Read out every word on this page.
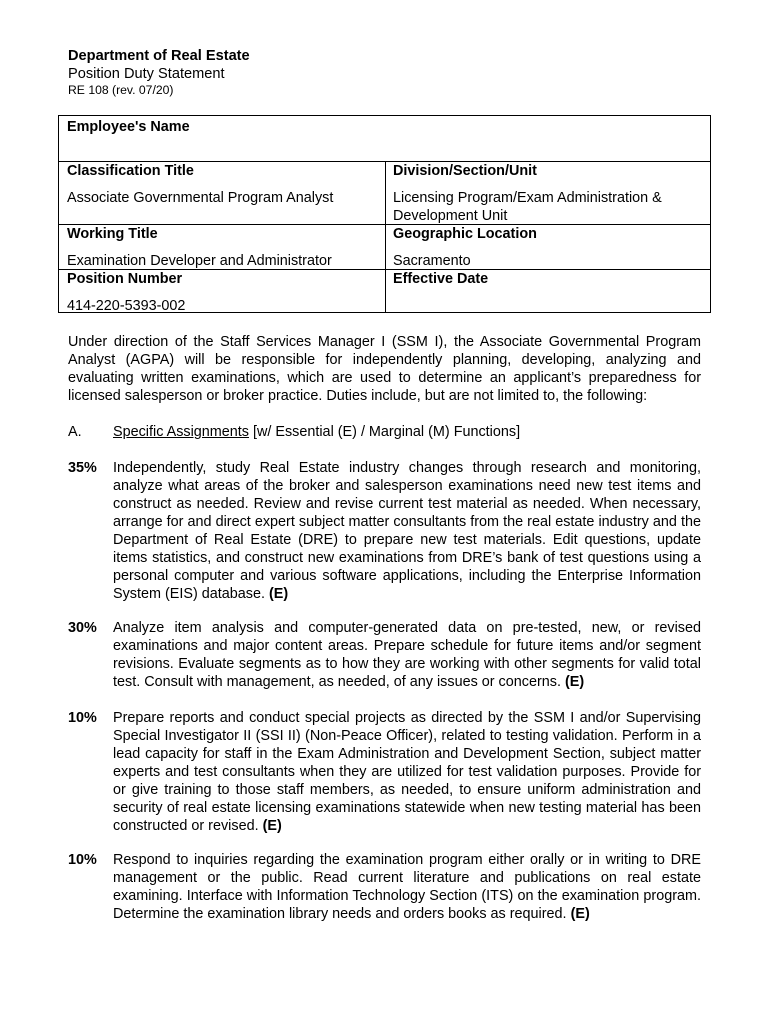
Department of Real Estate
Position Duty Statement
RE 108 (rev. 07/20)
Employee's Name
Classification Title
Associate Governmental Program Analyst
Division/Section/Unit
Licensing Program/Exam Administration & Development Unit
Working Title
Examination Developer and Administrator
Geographic Location
Sacramento
Position Number
414-220-5393-002
Effective Date
Under direction of the Staff Services Manager I (SSM I), the Associate Governmental Program Analyst (AGPA) will be responsible for independently planning, developing, analyzing and evaluating written examinations, which are used to determine an applicant’s preparedness for licensed salesperson or broker practice. Duties include, but are not limited to, the following:
A. Specific Assignments [w/ Essential (E) / Marginal (M) Functions]
35% Independently, study Real Estate industry changes through research and monitoring, analyze what areas of the broker and salesperson examinations need new test items and construct as needed. Review and revise current test material as needed. When necessary, arrange for and direct expert subject matter consultants from the real estate industry and the Department of Real Estate (DRE) to prepare new test materials. Edit questions, update items statistics, and construct new examinations from DRE’s bank of test questions using a personal computer and various software applications, including the Enterprise Information System (EIS) database. (E)
30% Analyze item analysis and computer-generated data on pre-tested, new, or revised examinations and major content areas. Prepare schedule for future items and/or segment revisions. Evaluate segments as to how they are working with other segments for valid total test. Consult with management, as needed, of any issues or concerns. (E)
10% Prepare reports and conduct special projects as directed by the SSM I and/or Supervising Special Investigator II (SSI II) (Non-Peace Officer), related to testing validation. Perform in a lead capacity for staff in the Exam Administration and Development Section, subject matter experts and test consultants when they are utilized for test validation purposes. Provide for or give training to those staff members, as needed, to ensure uniform administration and security of real estate licensing examinations statewide when new testing material has been constructed or revised. (E)
10% Respond to inquiries regarding the examination program either orally or in writing to DRE management or the public. Read current literature and publications on real estate examining. Interface with Information Technology Section (ITS) on the examination program. Determine the examination library needs and orders books as required. (E)
